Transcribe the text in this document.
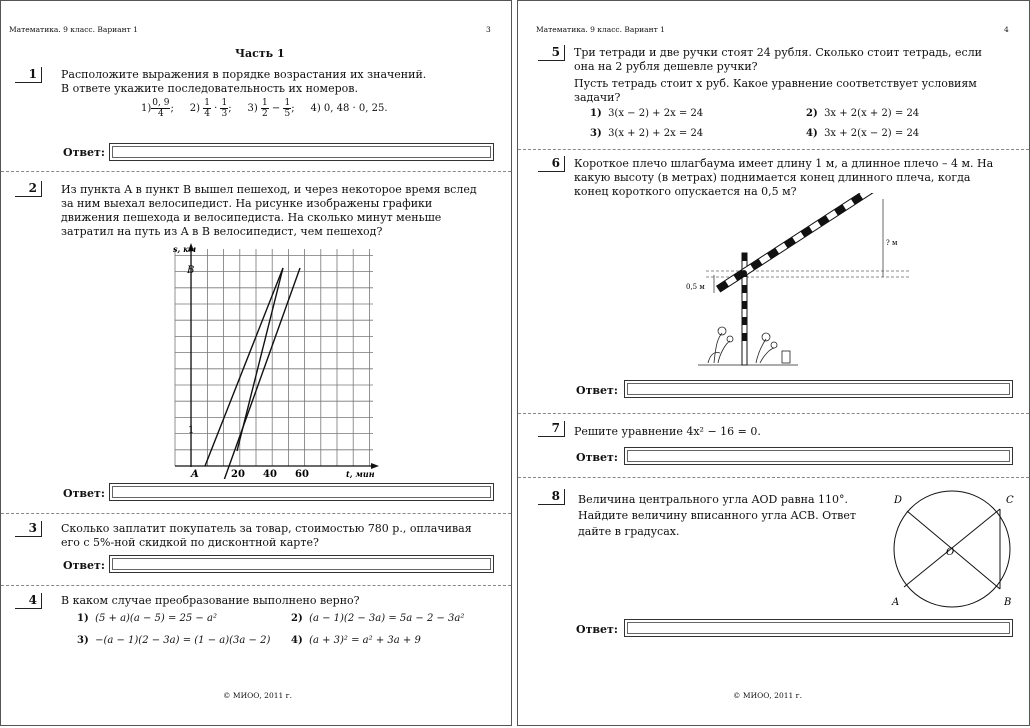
Математика. 9 класс. Вариант 1	3
Часть 1
1	Расположите выражения в порядке возрастания их значений.
В ответе укажите последовательность их номеров.
$1) \frac{0, 9}{4}$ ; $2) \frac{1}{4} \cdot \frac{1}{3}$ ; $3) \frac{1}{2} - \frac{1}{5}$ ; 4) 0, 48 · 0, 25.
Ответ:
2	Из пункта A в пункт B вышел пешеход, и через некоторое время вслед
за ним выехал велосипедист. На рисунке изображены графики
движения пешехода и велосипедиста. На сколько минут меньше
затратил на путь из A в B велосипедист, чем пешеход?
s, км
B
1
A	20 40 60	t, мин
Ответ:
3	Сколько заплатит покупатель за товар, стоимостью 780 р., оплачивая
его с 5%-ной скидкой по дисконтной карте?
Ответ:
4	В каком случае преобразование выполнено верно?
1) (5 + a)(a − 5) = 25 − a²	2) (a − 1)(2 − 3a) = 5a − 2 − 3a²
3) −(a − 1)(2 − 3a) = (1 − a)(3a − 2) 4) (a + 3)² = a² + 3a + 9
© МИОО, 2011 г.
Математика. 9 класс. Вариант 1	4
5	Три тетради и две ручки стоят 24 рубля. Сколько стоит тетрадь, если
она на 2 рубля дешевле ручки?
Пусть тетрадь стоит x руб. Какое уравнение соответствует условиям
задачи?
1) 3(x − 2) + 2x = 24	2) 3x + 2(x + 2) = 24
3) 3(x + 2) + 2x = 24	4) 3x + 2(x − 2) = 24
6	Короткое плечо шлагбаума имеет длину 1 м, а длинное плечо – 4 м. На
какую высоту (в метрах) поднимается конец длинного плеча, когда
конец короткого опускается на 0,5 м?
0,5 м
? м
Ответ:
7	Решите уравнение 4x² − 16 = 0.
Ответ:
8	Величина центрального угла AOD равна 110°.
Найдите величину вписанного угла ACB. Ответ
дайте в градусах.
D	C
O
A	B
Ответ:
© МИОО, 2011 г.
